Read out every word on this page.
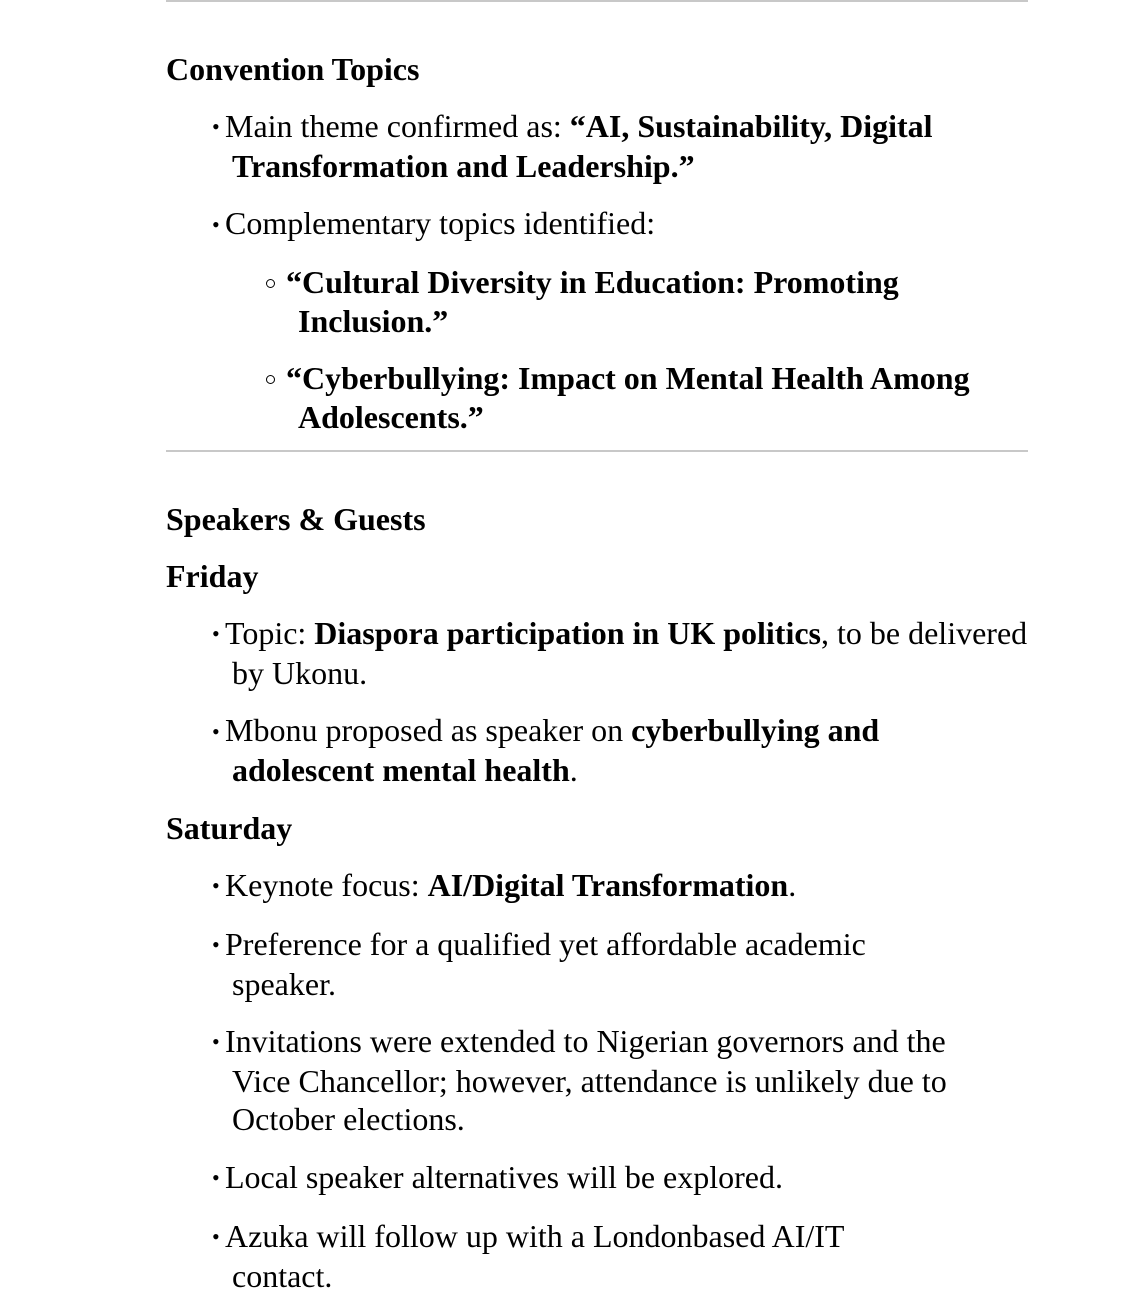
Convention Topics
• Main theme confirmed as: “AI, Sustainability, Digital Transformation and Leadership.”
• Complementary topics identified:
“Cultural Diversity in Education: Promoting Inclusion.”
“Cyberbullying: Impact on Mental Health Among Adolescents.”
Speakers & Guests
Friday
• Topic: Diaspora participation in UK politics, to be delivered by Ukonu.
• Mbonu proposed as speaker on cyberbullying and adolescent mental health.
Saturday
• Keynote focus: AI/Digital Transformation.
• Preference for a qualified yet affordable academic speaker.
• Invitations were extended to Nigerian governors and the Vice Chancellor; however, attendance is unlikely due to October elections.
• Local speaker alternatives will be explored.
• Azuka will follow up with a Londonbased AI/IT contact.
